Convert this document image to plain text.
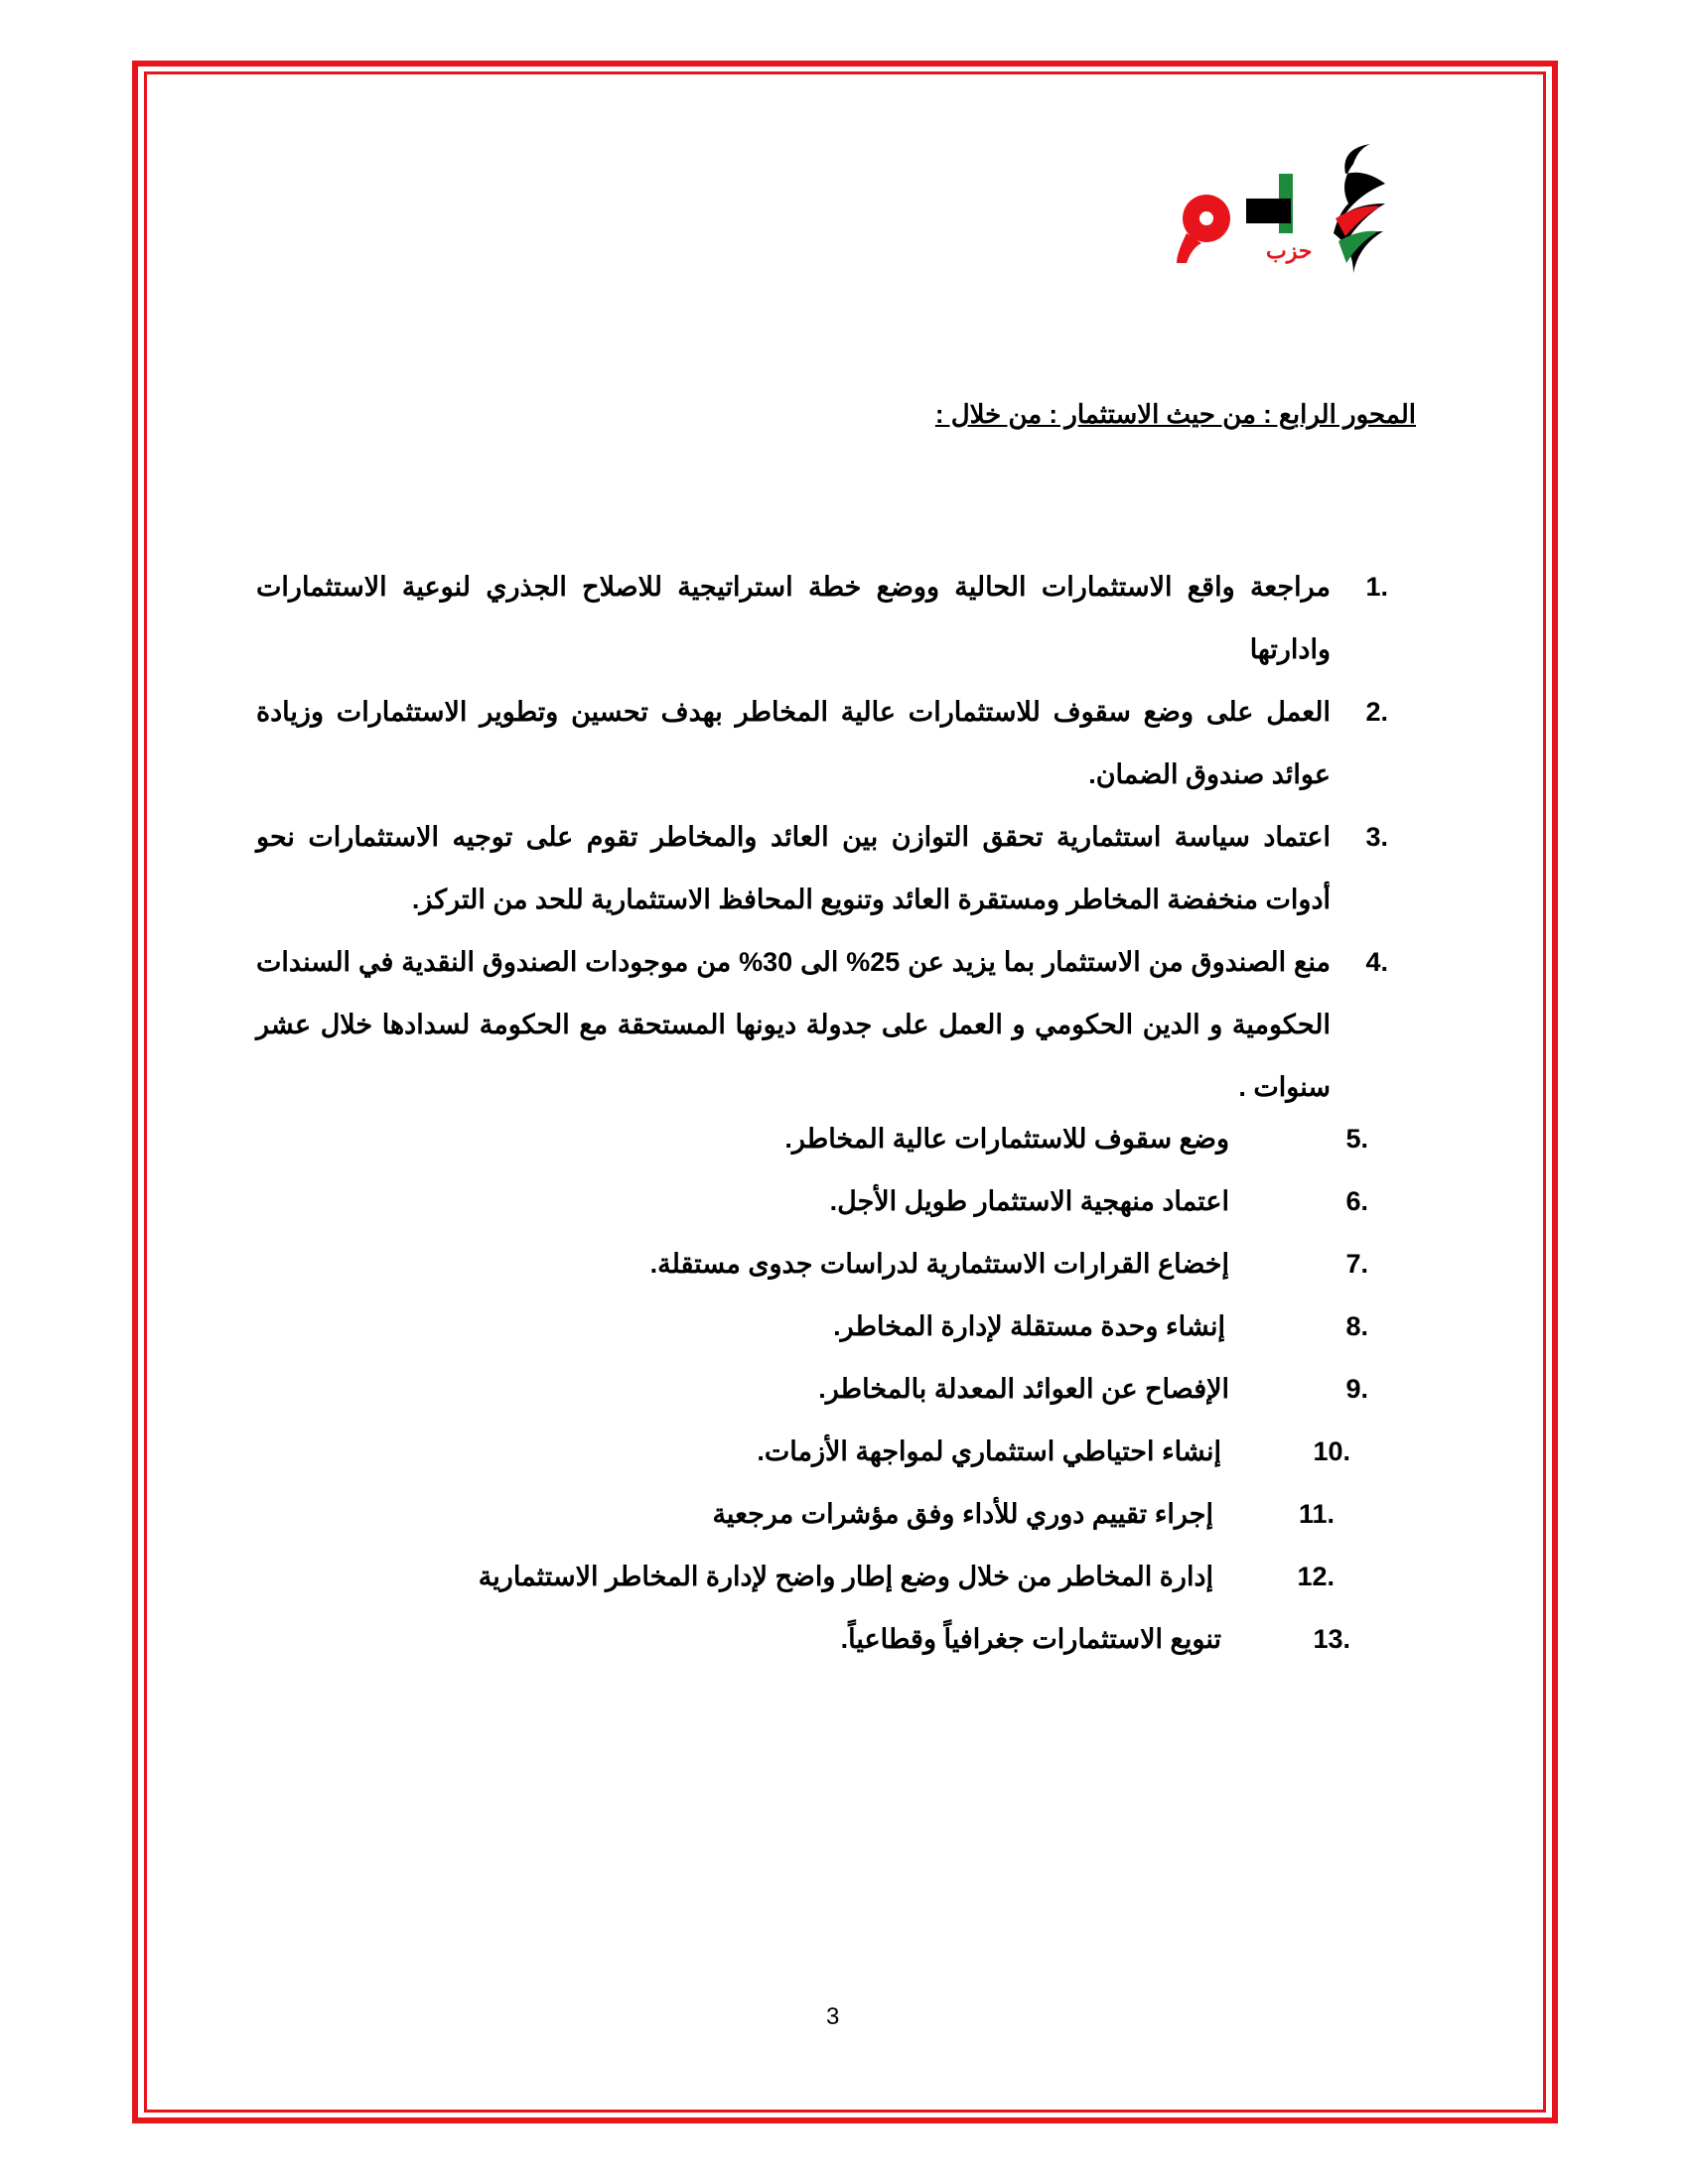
حزب
المحور الرابع : من حيث الاستثمار : من خلال :
1.
مراجعة واقع الاستثمارات الحالية ووضع خطة استراتيجية للاصلاح الجذري لنوعية الاستثمارات وادارتها
2.
العمل على وضع سقوف للاستثمارات عالية المخاطر بهدف تحسين وتطوير الاستثمارات وزيادة عوائد صندوق الضمان.
3.
اعتماد سياسة استثمارية تحقق التوازن بين العائد والمخاطر تقوم على توجيه الاستثمارات نحو أدوات منخفضة المخاطر ومستقرة العائد وتنويع المحافظ الاستثمارية للحد من التركز.
4.
منع الصندوق من الاستثمار بما يزيد عن 25% الى 30% من موجودات الصندوق النقدية في السندات الحكومية و الدين الحكومي و العمل على جدولة ديونها المستحقة مع الحكومة لسدادها خلال عشر سنوات .
وضع سقوف للاستثمارات عالية المخاطر.	5.
اعتماد منهجية الاستثمار طويل الأجل.	6.
إخضاع القرارات الاستثمارية لدراسات جدوى مستقلة.	7.
إنشاء وحدة مستقلة لإدارة المخاطر.	8.
الإفصاح عن العوائد المعدلة بالمخاطر.	9.
إنشاء احتياطي استثماري لمواجهة الأزمات.	10.
إجراء تقييم دوري للأداء وفق مؤشرات مرجعية	11.
إدارة المخاطر من خلال وضع إطار واضح لإدارة المخاطر الاستثمارية	12.
تنويع الاستثمارات جغرافياً وقطاعياً.	13.
3
